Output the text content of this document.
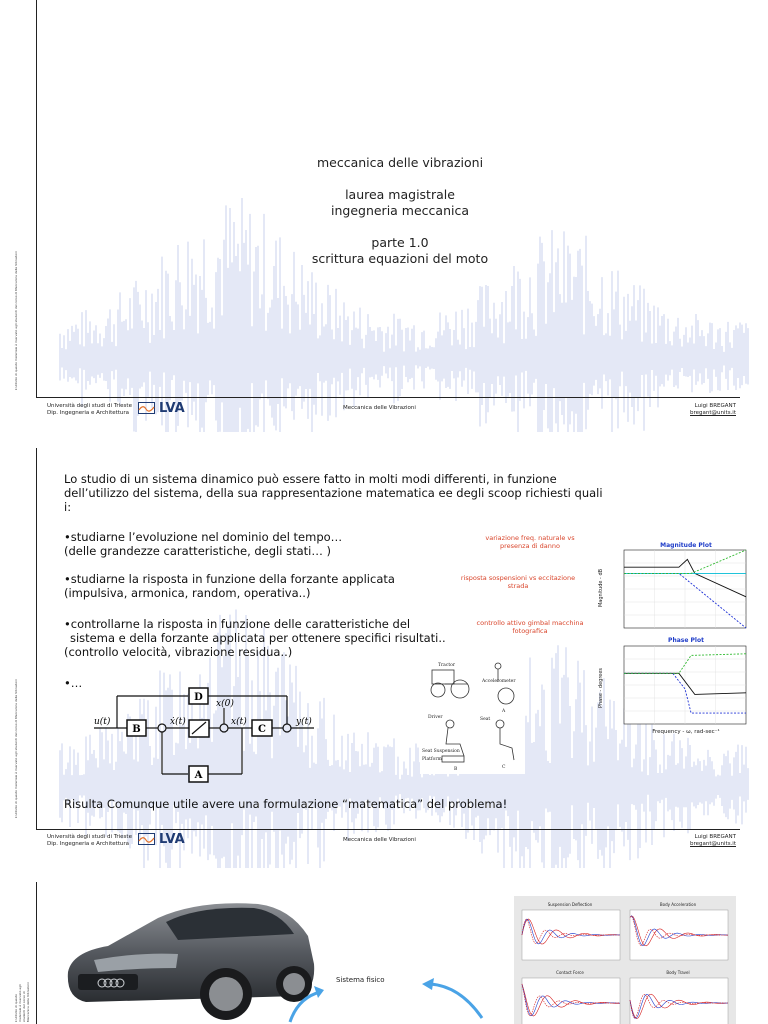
L'utilizzo di questo materiale è riservato agli studenti del corso di Meccanica delle Vibrazioni
meccanica delle vibrazioni
laurea magistrale
ingegneria meccanica
parte 1.0
scrittura equazioni del moto
Università degli studi di Trieste
Dip. Ingegneria e Architettura LVA	Meccanica delle Vibrazioni	Luigi BREGANT
bregant@units.it
L'utilizzo di questo materiale è riservato agli studenti del corso di Meccanica delle Vibrazioni
Lo studio di un sistema dinamico può essere fatto in molti modi differenti, in funzione dell’utilizzo del sistema, della sua rappresentazione matematica ee degli scoop richiesti quali i:
•studiarne l’evoluzione nel dominio del tempo…
(delle grandezze caratteristiche, degli stati… )
•studiarne la risposta in funzione della forzante applicata
(impulsiva, armonica, random, operativa..)
•controllarne la risposta in funzione delle caratteristiche del
sistema e della forzante applicata per ottenere specifici risultati..
(controllo velocità, vibrazione residua..)
•…
variazione freq. naturale vs presenza di danno
risposta sospensioni vs eccitazione strada
controllo attivo gimbal macchina fotografica
B
D
C
A
u(t)	ẋ(t)
x(0)
x(t)	y(t)
Tractor
Accelerometer
A
Driver	Seat
Seat Suspension
Platform
B	C
Magnitude Plot
Magnitude - dB
Phase Plot
Phase - degrees
Frequency - ω, rad-sec⁻¹
Risulta Comunque utile avere una formulazione “matematica” del problema!
Università degli studi di Trieste
Dip. Ingegneria e Architettura LVA	Meccanica delle Vibrazioni	Luigi BREGANT
bregant@units.it
L'utilizzo di questo materiale è riservato agli studenti del corso di Meccanica delle Vibrazioni
Sistema fisico
Suspension Deflection	Body Acceleration
Contact Force	Body Travel
